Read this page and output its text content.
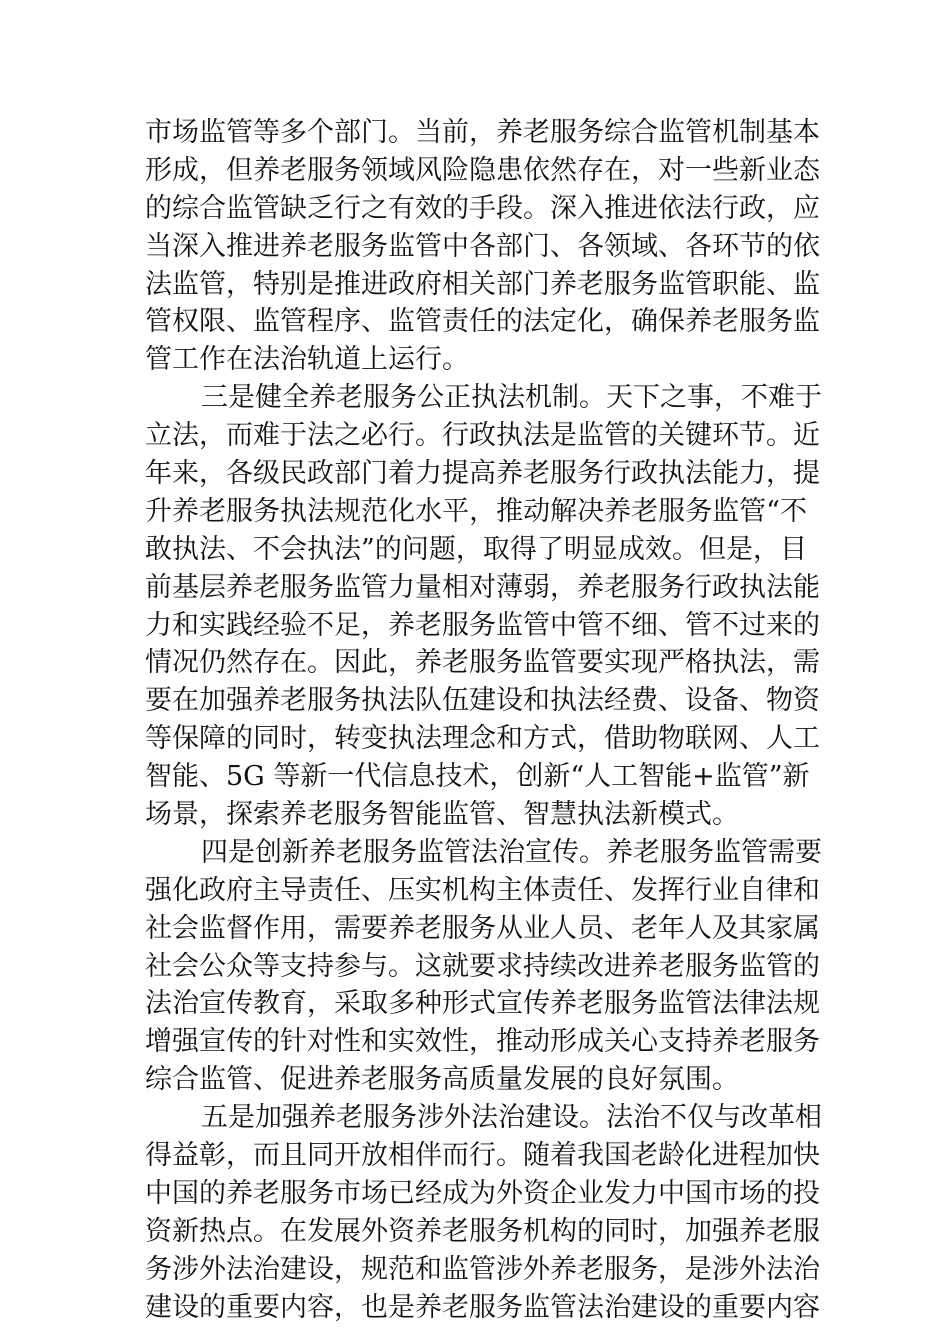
市场监管等多个部门。当前，养老服务综合监管机制基本
形成，但养老服务领域风险隐患依然存在，对一些新业态
的综合监管缺乏行之有效的手段。深入推进依法行政，应
当深入推进养老服务监管中各部门、各领域、各环节的依
法监管，特别是推进政府相关部门养老服务监管职能、监
管权限、监管程序、监管责任的法定化，确保养老服务监
管工作在法治轨道上运行。
三是健全养老服务公正执法机制。天下之事，不难于
立法，而难于法之必行。行政执法是监管的关键环节。近
年来，各级民政部门着力提高养老服务行政执法能力，提
升养老服务执法规范化水平，推动解决养老服务监管“不
敢执法、不会执法”的问题，取得了明显成效。但是，目
前基层养老服务监管力量相对薄弱，养老服务行政执法能
力和实践经验不足，养老服务监管中管不细、管不过来的
情况仍然存在。因此，养老服务监管要实现严格执法，需
要在加强养老服务执法队伍建设和执法经费、设备、物资
等保障的同时，转变执法理念和方式，借助物联网、人工
智能、5G 等新一代信息技术，创新“人工智能+监管”新
场景，探索养老服务智能监管、智慧执法新模式。
四是创新养老服务监管法治宣传。养老服务监管需要
强化政府主导责任、压实机构主体责任、发挥行业自律和
社会监督作用，需要养老服务从业人员、老年人及其家属
社会公众等支持参与。这就要求持续改进养老服务监管的
法治宣传教育，采取多种形式宣传养老服务监管法律法规
增强宣传的针对性和实效性，推动形成关心支持养老服务
综合监管、促进养老服务高质量发展的良好氛围。
五是加强养老服务涉外法治建设。法治不仅与改革相
得益彰，而且同开放相伴而行。随着我国老龄化进程加快
中国的养老服务市场已经成为外资企业发力中国市场的投
资新热点。在发展外资养老服务机构的同时，加强养老服
务涉外法治建设，规范和监管涉外养老服务，是涉外法治
建设的重要内容，也是养老服务监管法治建设的重要内容
